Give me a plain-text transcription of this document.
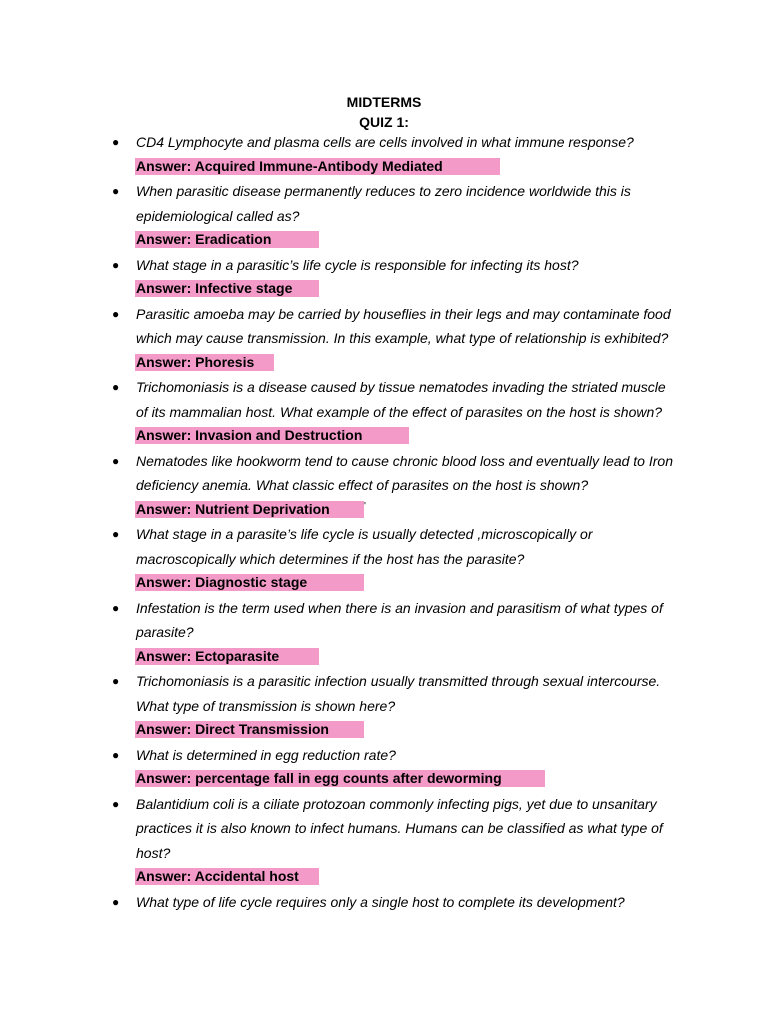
MIDTERMS
QUIZ 1:
● CD4 Lymphocyte and plasma cells are cells involved in what immune response?

Answer: Acquired Immune-Antibody Mediated
● When parasitic disease permanently reduces to zero incidence worldwide this is epidemiological called as?

Answer: Eradication
● What stage in a parasitic’s life cycle is responsible for infecting its host?

Answer: Infective stage
● Parasitic amoeba may be carried by houseflies in their legs and may contaminate food which may cause transmission. In this example, what type of relationship is exhibited?

Answer: Phoresis
● Trichomoniasis is a disease caused by tissue nematodes invading the striated muscle of its mammalian host. What example of the effect of parasites on the host is shown?

Answer: Invasion and Destruction
● Nematodes like hookworm tend to cause chronic blood loss and eventually lead to Iron deficiency anemia. What classic effect of parasites on the host is shown?

Answer: Nutrient Deprivation	'
● What stage in a parasite’s life cycle is usually detected ,microscopically or macroscopically which determines if the host has the parasite?

Answer: Diagnostic stage
● Infestation is the term used when there is an invasion and parasitism of what types of parasite?

Answer: Ectoparasite
● Trichomoniasis is a parasitic infection usually transmitted through sexual intercourse. What type of transmission is shown here?

Answer: Direct Transmission
● What is determined in egg reduction rate?

Answer: percentage fall in egg counts after deworming
● Balantidium coli is a ciliate protozoan commonly infecting pigs, yet due to unsanitary practices it is also known to infect humans. Humans can be classified as what type of host?

Answer: Accidental host
● What type of life cycle requires only a single host to complete its development?
